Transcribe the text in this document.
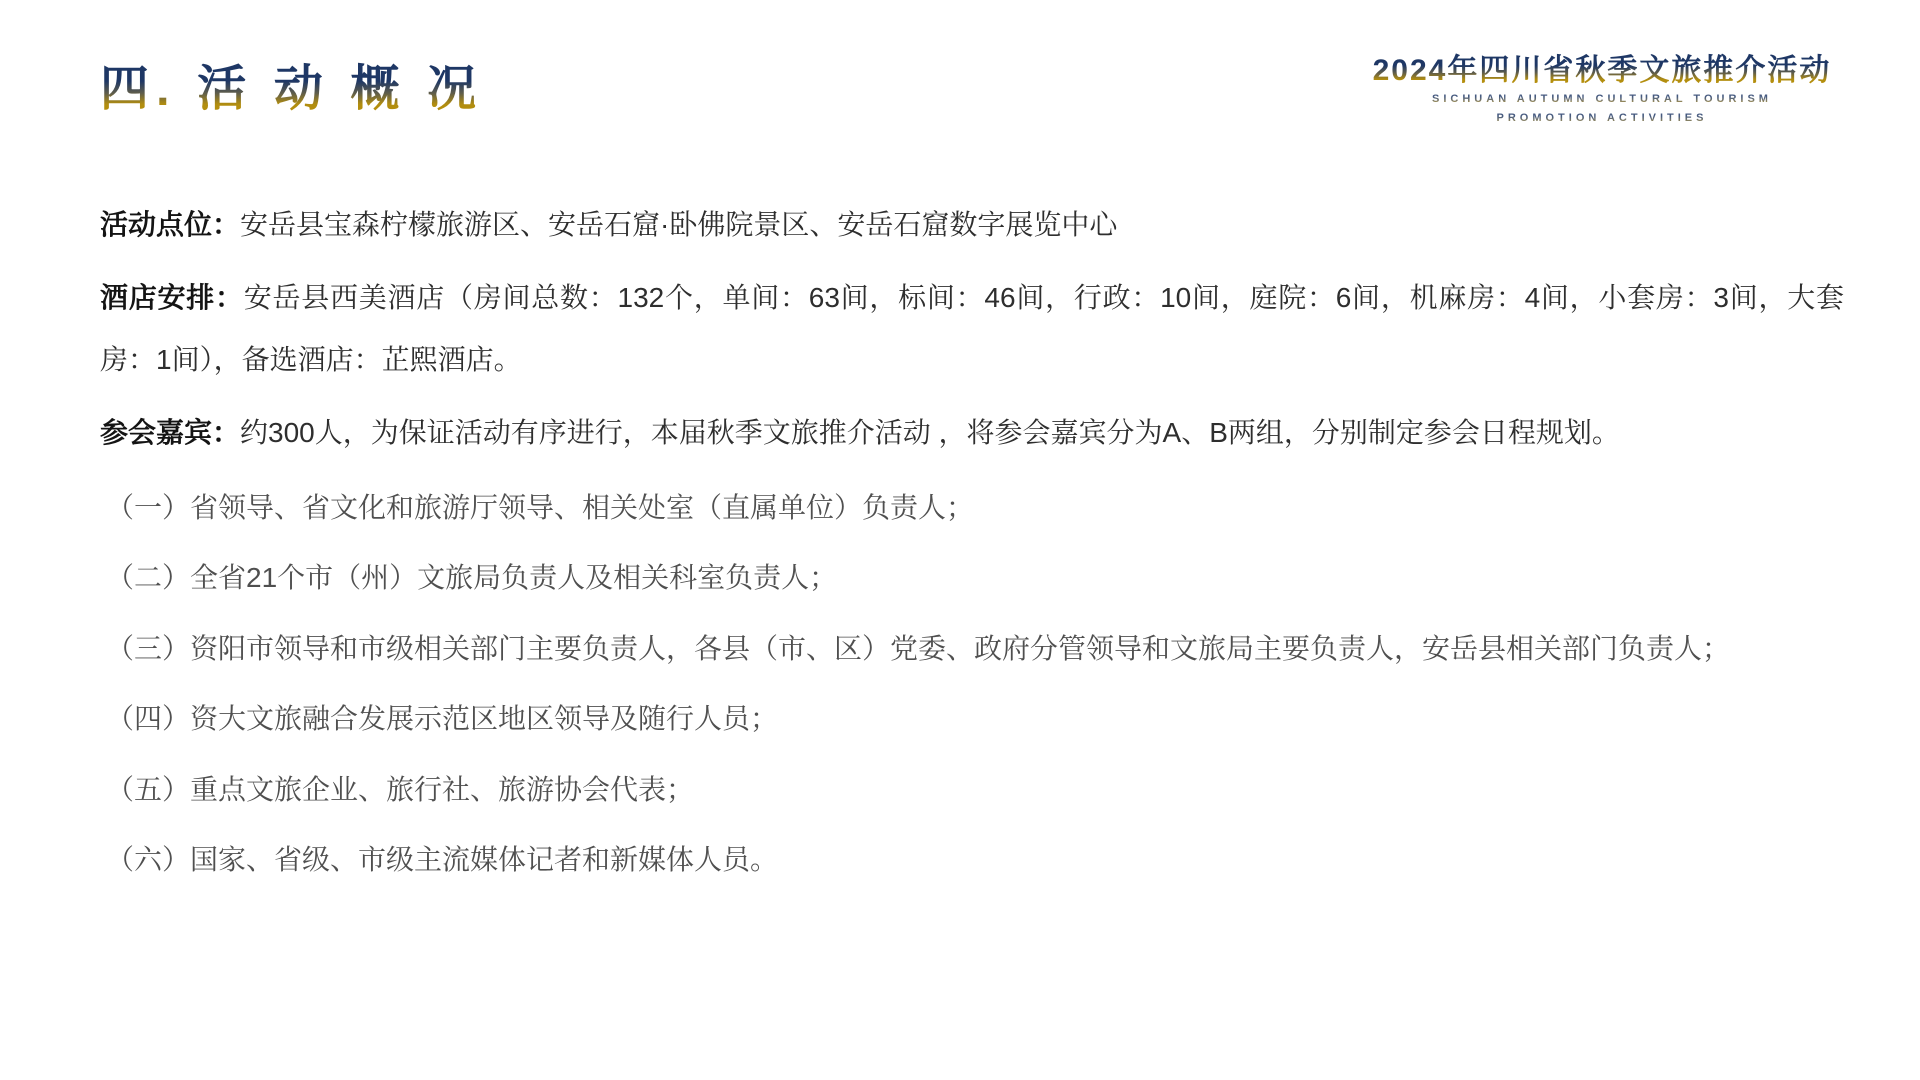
四. 活 动 概 况	2024年四川省秋季文旅推介活动
SICHUAN AUTUMN CULTURAL TOURISM
PROMOTION ACTIVITIES

活动点位：安岳县宝森柠檬旅游区、安岳石窟·卧佛院景区、安岳石窟数字展览中心

酒店安排：安岳县西美酒店（房间总数：132个，单间：63间，标间：46间，行政：10间，庭院：6间，机麻房：4间，小套房：3间，大套房：1间），备选酒店：芷熙酒店。

参会嘉宾：约300人，为保证活动有序进行，本届秋季文旅推介活动 ，将参会嘉宾分为A、B两组，分别制定参会日程规划。

（一）省领导、省文化和旅游厅领导、相关处室（直属单位）负责人；

（二）全省21个市（州）文旅局负责人及相关科室负责人；

（三）资阳市领导和市级相关部门主要负责人，各县（市、区）党委、政府分管领导和文旅局主要负责人，安岳县相关部门负责人；

（四）资大文旅融合发展示范区地区领导及随行人员；

（五）重点文旅企业、旅行社、旅游协会代表；

（六）国家、省级、市级主流媒体记者和新媒体人员。
